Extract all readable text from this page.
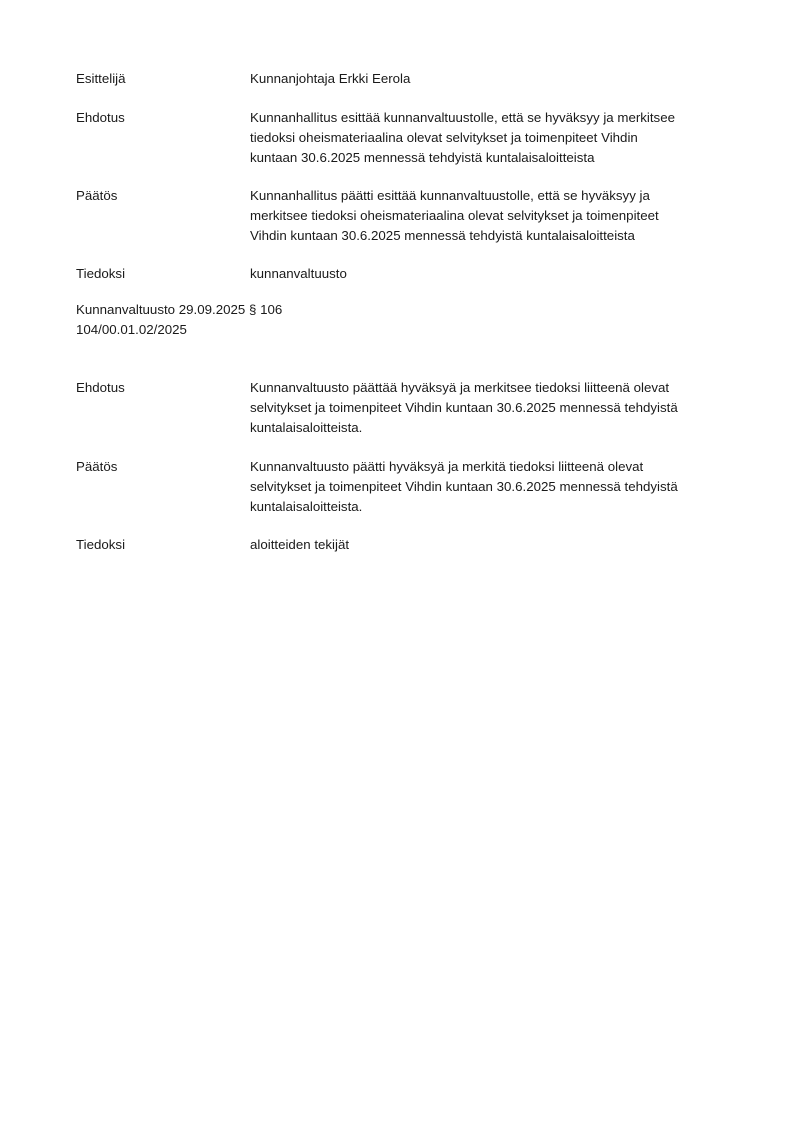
Esittelijä	Kunnanjohtaja Erkki Eerola
Ehdotus	Kunnanhallitus esittää kunnanvaltuustolle, että se hyväksyy ja merkitsee
tiedoksi oheismateriaalina olevat selvitykset ja toimenpiteet Vihdin
kuntaan 30.6.2025 mennessä tehdyistä kuntalaisaloitteista
Päätös	Kunnanhallitus päätti esittää kunnanvaltuustolle, että se hyväksyy ja
merkitsee tiedoksi oheismateriaalina olevat selvitykset ja toimenpiteet
Vihdin kuntaan 30.6.2025 mennessä tehdyistä kuntalaisaloitteista
Tiedoksi	kunnanvaltuusto
Kunnanvaltuusto 29.09.2025 § 106
104/00.01.02/2025
Ehdotus	Kunnanvaltuusto päättää hyväksyä ja merkitsee tiedoksi liitteenä olevat
selvitykset ja toimenpiteet Vihdin kuntaan 30.6.2025 mennessä tehdyistä
kuntalaisaloitteista.
Päätös	Kunnanvaltuusto päätti hyväksyä ja merkitä tiedoksi liitteenä olevat
selvitykset ja toimenpiteet Vihdin kuntaan 30.6.2025 mennessä tehdyistä
kuntalaisaloitteista.
Tiedoksi	aloitteiden tekijät
